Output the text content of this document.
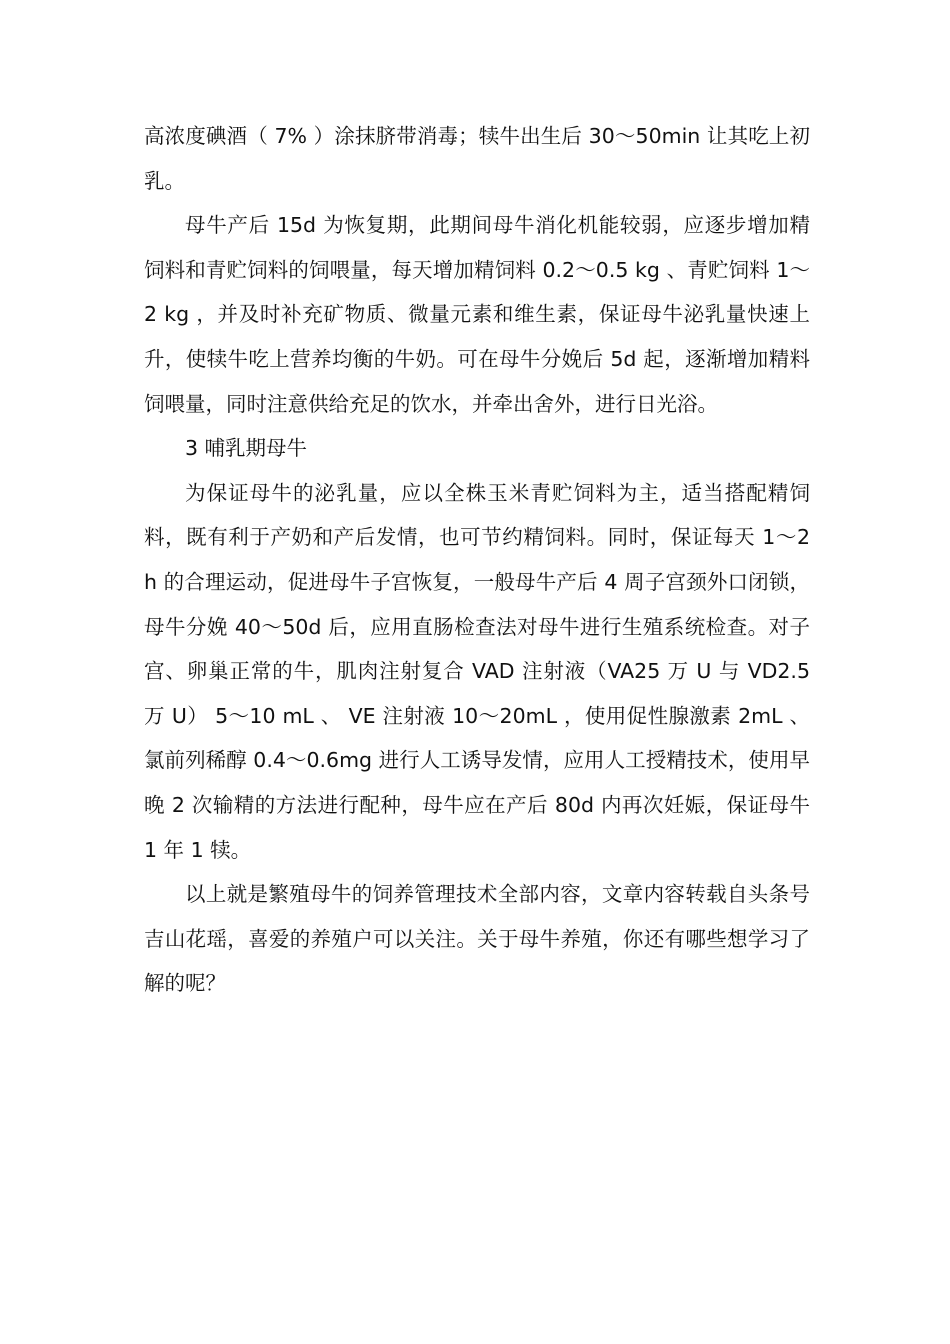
高浓度碘酒（ 7% ）涂抹脐带消毒；犊牛出生后 30～50min 让其吃上初乳。

母牛产后 15d 为恢复期，此期间母牛消化机能较弱，应逐步增加精饲料和青贮饲料的饲喂量，每天增加精饲料 0.2～0.5 kg 、青贮饲料 1～2 kg ，并及时补充矿物质、微量元素和维生素，保证母牛泌乳量快速上升，使犊牛吃上营养均衡的牛奶。可在母牛分娩后 5d 起，逐渐增加精料饲喂量，同时注意供给充足的饮水，并牵出舍外，进行日光浴。

3 哺乳期母牛

为保证母牛的泌乳量，应以全株玉米青贮饲料为主，适当搭配精饲料，既有利于产奶和产后发情，也可节约精饲料。同时，保证每天 1～2 h 的合理运动，促进母牛子宫恢复，一般母牛产后 4 周子宫颈外口闭锁，母牛分娩 40～50d 后，应用直肠检查法对母牛进行生殖系统检查。对子宫、卵巢正常的牛，肌肉注射复合 VAD 注射液（VA25 万 U 与 VD2.5 万 U） 5～10 mL 、 VE 注射液 10～20mL ，使用促性腺激素 2mL 、氯前列稀醇 0.4～0.6mg 进行人工诱导发情，应用人工授精技术，使用早晚 2 次输精的方法进行配种，母牛应在产后 80d 内再次妊娠，保证母牛 1 年 1 犊。

以上就是繁殖母牛的饲养管理技术全部内容，文章内容转载自头条号吉山花瑶，喜爱的养殖户可以关注。关于母牛养殖，你还有哪些想学习了解的呢？
